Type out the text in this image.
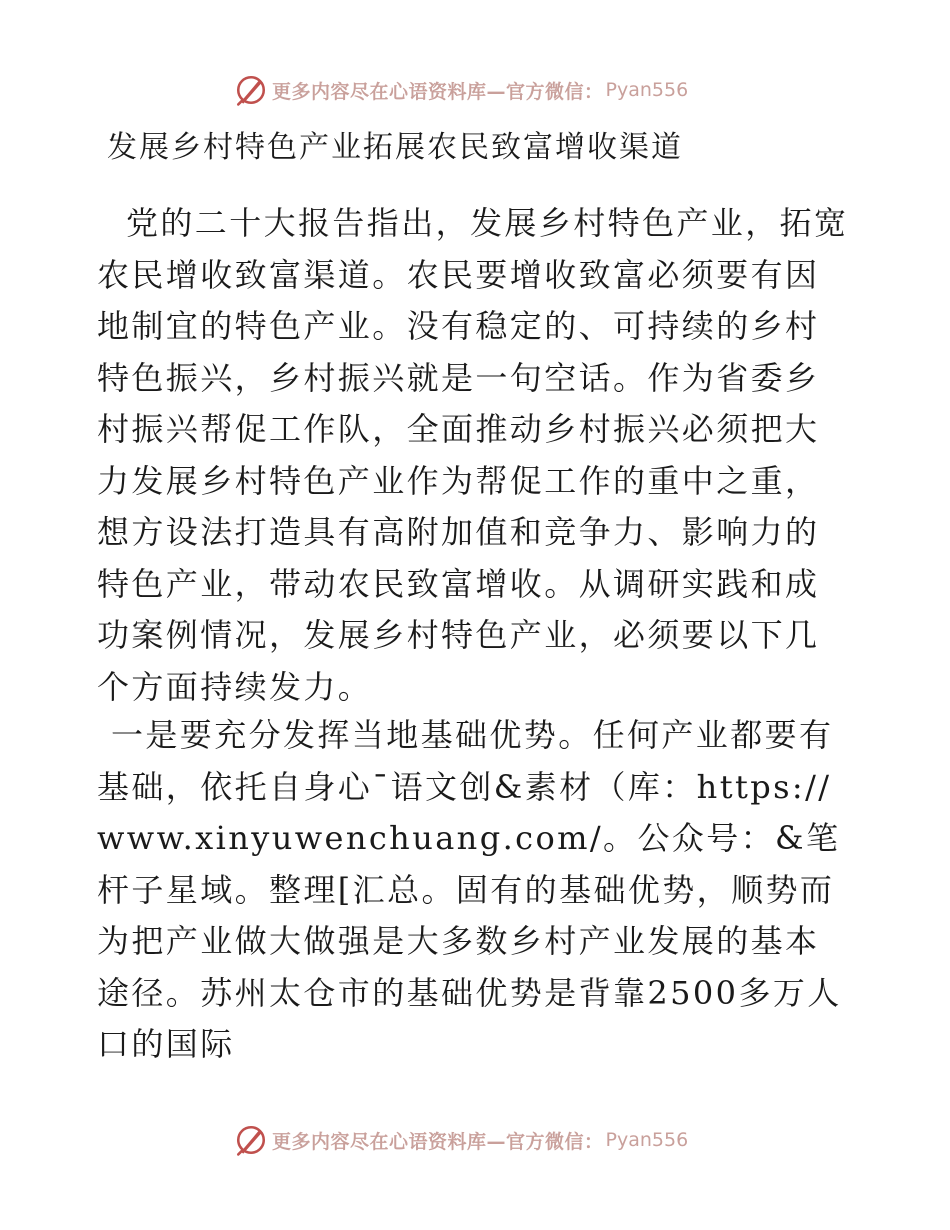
更多内容尽在心语资料库—官方微信： Pyan556
发展乡村特色产业拓展农民致富增收渠道

党的二十大报告指出，发展乡村特色产业，拓宽农民增收致富渠道。农民要增收致富必须要有因地制宜的特色产业。没有稳定的、可持续的乡村特色振兴，乡村振兴就是一句空话。作为省委乡村振兴帮促工作队，全面推动乡村振兴必须把大力发展乡村特色产业作为帮促工作的重中之重，想方设法打造具有高附加值和竞争力、影响力的特色产业，带动农民致富增收。从调研实践和成功案例情况，发展乡村特色产业，必须要以下几个方面持续发力。

一是要充分发挥当地基础优势。任何产业都要有基础，依托自身心¯语文创&素材（库：https://www.xinyuwenchuang.com/。公众号：&笔杆子星域。整理[汇总。固有的基础优势，顺势而为把产业做大做强是大多数乡村产业发展的基本途径。苏州太仓市的基础优势是背靠2500多万人口的国际

更多内容尽在心语资料库—官方微信： Pyan556
